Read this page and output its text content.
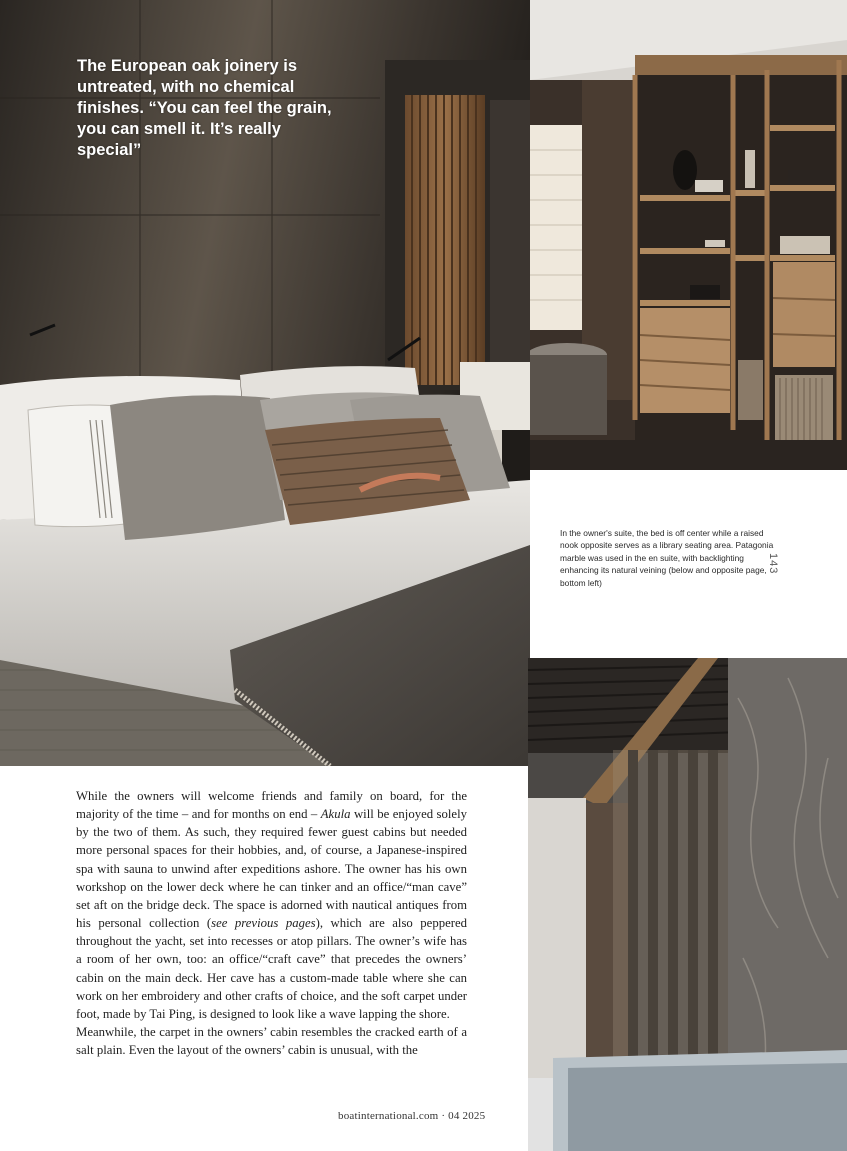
The European oak joinery is untreated, with no chemical finishes. “You can feel the grain, you can smell it. It’s really special”

In the owner's suite, the bed is off center while a raised nook opposite serves as a library seating area. Patagonia marble was used in the en suite, with backlighting enhancing its natural veining (below and opposite page, bottom left)

143

While the owners will welcome friends and family on board, for the majority of the time – and for months on end – Akula will be enjoyed solely by the two of them. As such, they required fewer guest cabins but needed more personal spaces for their hobbies, and, of course, a Japanese-inspired spa with sauna to unwind after expeditions ashore. The owner has his own workshop on the lower deck where he can tinker and an office/“man cave” set aft on the bridge deck. The space is adorned with nautical antiques from his personal collection (see previous pages), which are also peppered throughout the yacht, set into recesses or atop pillars. The owner’s wife has a room of her own, too: an office/“craft cave” that precedes the owners’ cabin on the main deck. Her cave has a custom-made table where she can work on her embroidery and other crafts of choice, and the soft carpet under foot, made by Tai Ping, is designed to look like a wave lapping the shore.

Meanwhile, the carpet in the owners’ cabin resembles the cracked earth of a salt plain. Even the layout of the owners’ cabin is unusual, with the

boatinternational.com · 04 2025
